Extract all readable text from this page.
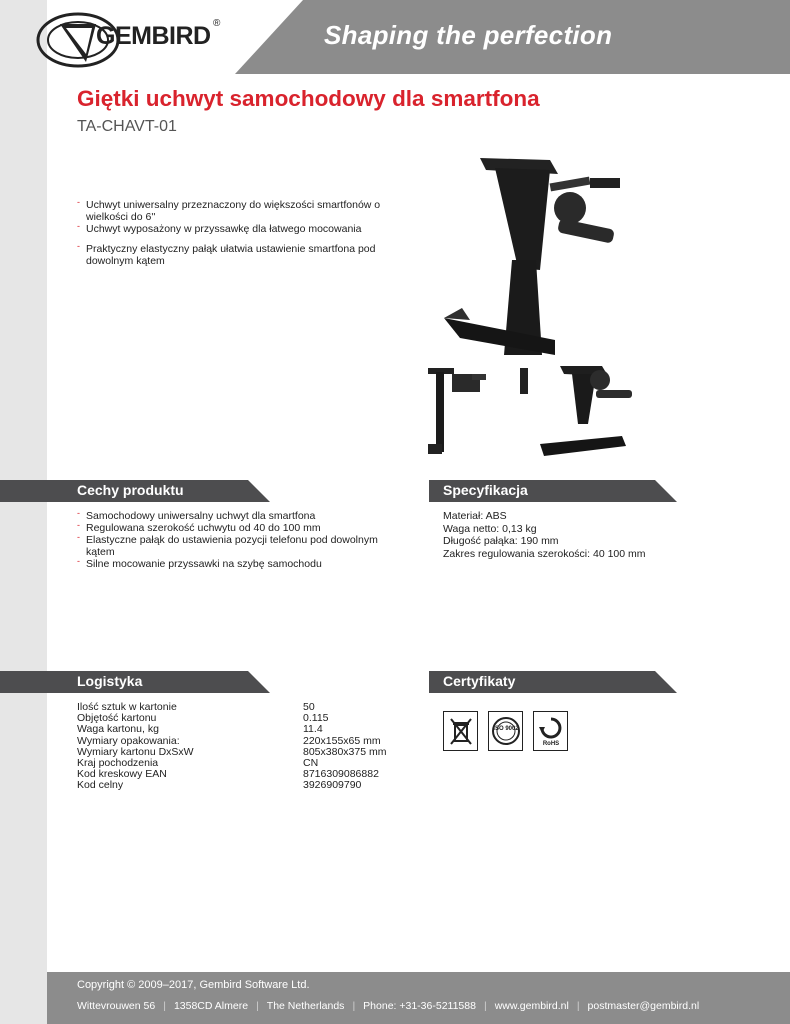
GEMBIRD ®	Shaping the perfection
Giętki uchwyt samochodowy dla smartfona
TA-CHAVT-01
- Uchwyt uniwersalny przeznaczony do większości smartfonów o wielkości do 6''
- Uchwyt wyposażony w przyssawkę dla łatwego mocowania
- Praktyczny elastyczny pałąk ułatwia ustawienie smartfona pod dowolnym kątem
Cechy produktu	Specyfikacja
Logistyka	Certyfikaty
- Samochodowy uniwersalny uchwyt dla smartfona
- Regulowana szerokość uchwytu od 40 do 100 mm
- Elastyczne pałąk do ustawienia pozycji telefonu pod dowolnym kątem
- Silne mocowanie przyssawki na szybę samochodu
Materiał: ABS
Waga netto: 0,13 kg
Długość pałąka: 190 mm
Zakres regulowania szerokości: 40 100 mm
Ilość sztuk w kartonie	50
Objętość kartonu	0.115
Waga kartonu, kg	11.4
Wymiary opakowania:	220x155x65 mm
Wymiary kartonu DxSxW	805x380x375 mm
Kraj pochodzenia	CN
Kod kreskowy EAN	8716309086882
Kod celny	3926909790
ISO 9002
RoHS
Copyright © 2009–2017, Gembird Software Ltd.
Wittevrouwen 56 | 1358CD Almere | The Netherlands | Phone: +31-36-5211588 | www.gembird.nl | postmaster@gembird.nl
